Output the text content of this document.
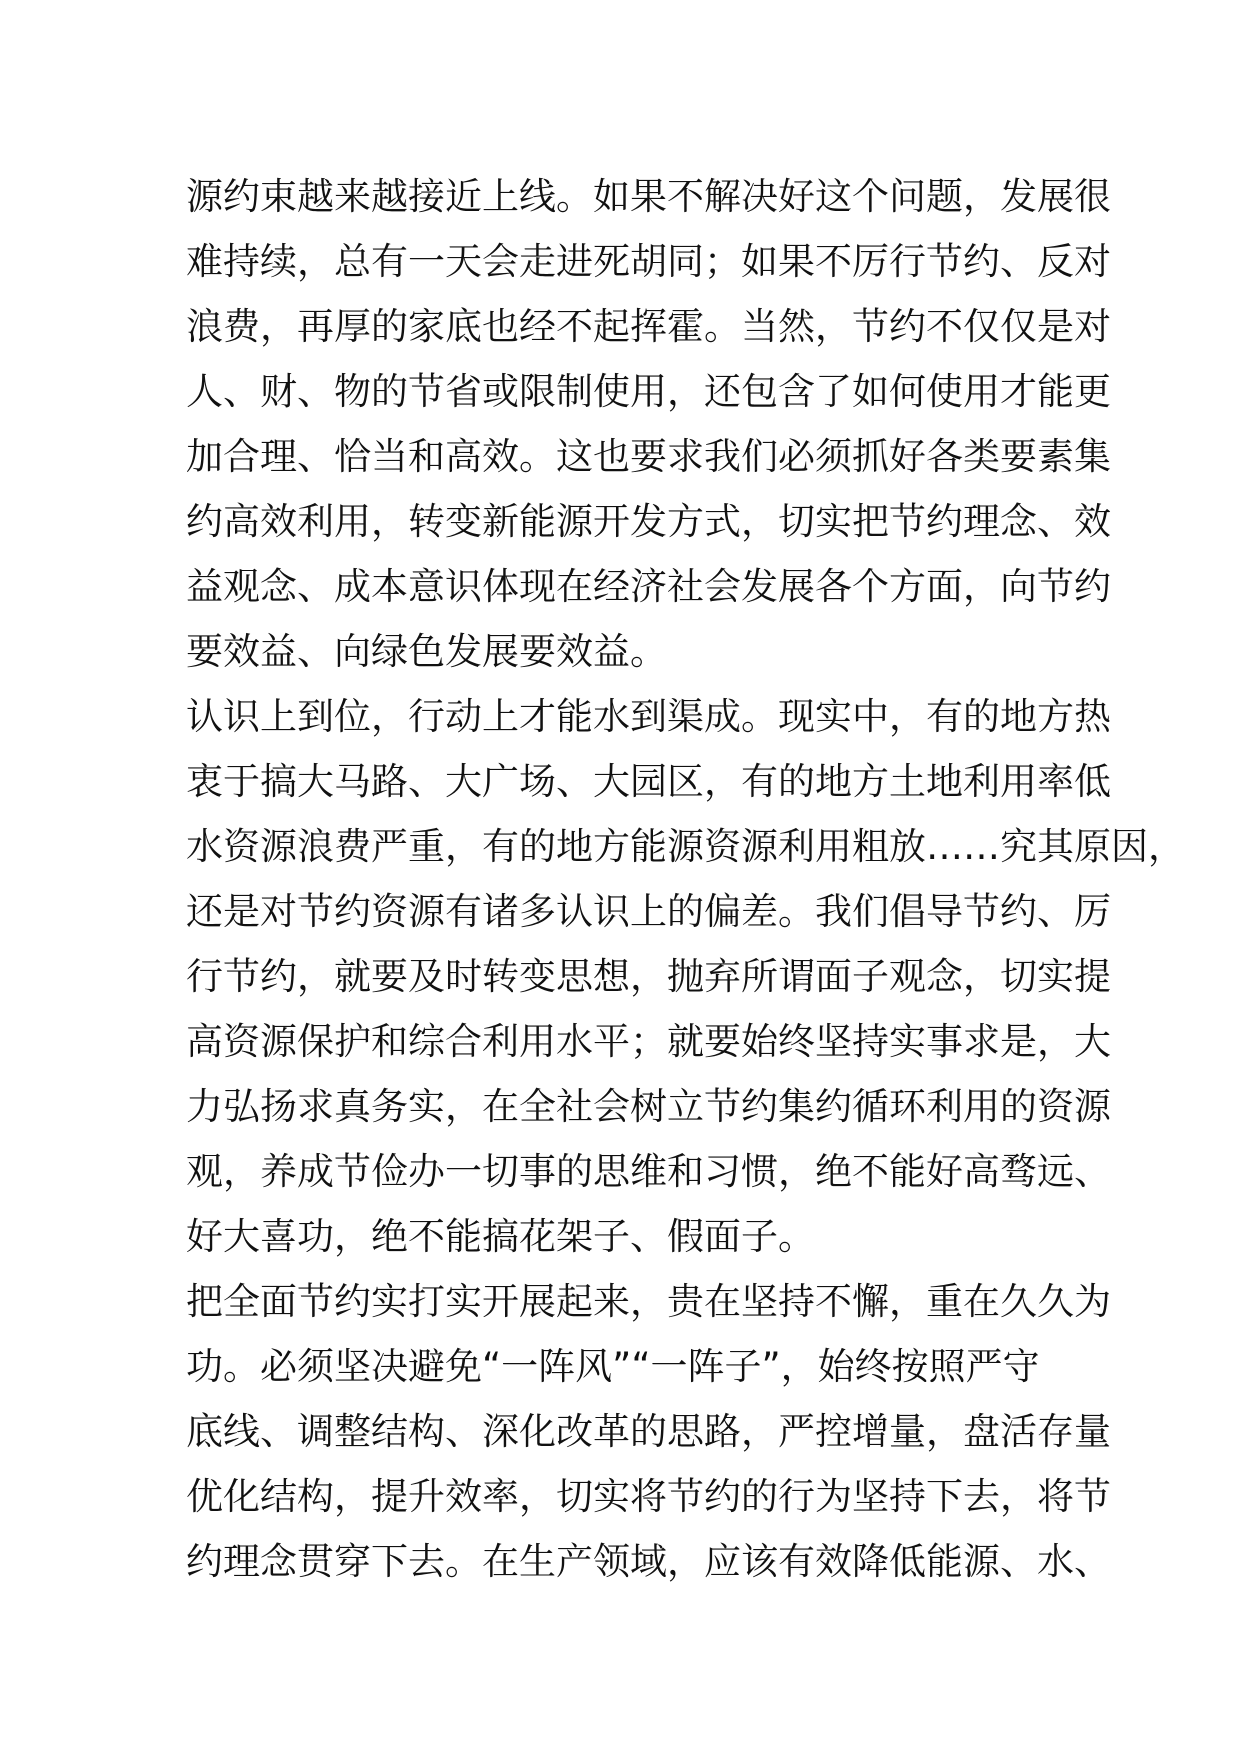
源约束越来越接近上线。如果不解决好这个问题，发展很
难持续，总有一天会走进死胡同；如果不厉行节约、反对
浪费，再厚的家底也经不起挥霍。当然，节约不仅仅是对
人、财、物的节省或限制使用，还包含了如何使用才能更
加合理、恰当和高效。这也要求我们必须抓好各类要素集
约高效利用，转变新能源开发方式，切实把节约理念、效
益观念、成本意识体现在经济社会发展各个方面，向节约
要效益、向绿色发展要效益。
认识上到位，行动上才能水到渠成。现实中，有的地方热
衷于搞大马路、大广场、大园区，有的地方土地利用率低
水资源浪费严重，有的地方能源资源利用粗放……究其原因，
还是对节约资源有诸多认识上的偏差。我们倡导节约、厉
行节约，就要及时转变思想，抛弃所谓面子观念，切实提
高资源保护和综合利用水平；就要始终坚持实事求是，大
力弘扬求真务实，在全社会树立节约集约循环利用的资源
观，养成节俭办一切事的思维和习惯，绝不能好高骛远、
好大喜功，绝不能搞花架子、假面子。
把全面节约实打实开展起来，贵在坚持不懈，重在久久为
功。必须坚决避免“一阵风”“一阵子”，始终按照严守
底线、调整结构、深化改革的思路，严控增量，盘活存量
优化结构，提升效率，切实将节约的行为坚持下去，将节
约理念贯穿下去。在生产领域，应该有效降低能源、水、
